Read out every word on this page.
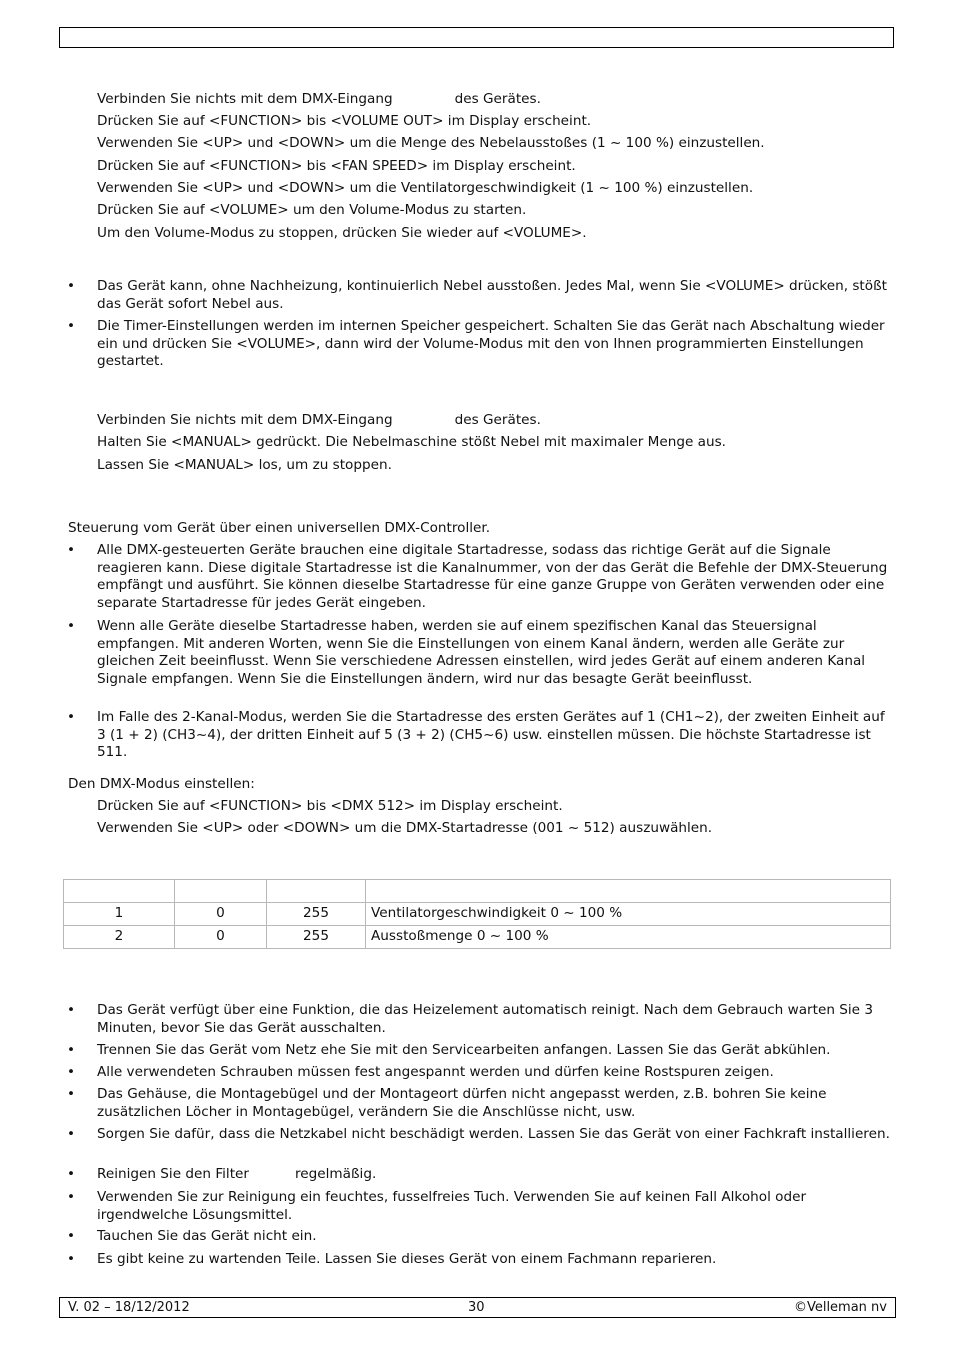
Verbinden Sie nichts mit dem DMX-Eingang	des Gerätes.
Drücken Sie auf <FUNCTION> bis <VOLUME OUT> im Display erscheint.
Verwenden Sie <UP> und <DOWN> um die Menge des Nebelausstoßes (1 ~ 100 %) einzustellen.
Drücken Sie auf <FUNCTION> bis <FAN SPEED> im Display erscheint.
Verwenden Sie <UP> und <DOWN> um die Ventilatorgeschwindigkeit (1 ~ 100 %) einzustellen.
Drücken Sie auf <VOLUME> um den Volume-Modus zu starten.
Um den Volume-Modus zu stoppen, drücken Sie wieder auf <VOLUME>.
• Das Gerät kann, ohne Nachheizung, kontinuierlich Nebel ausstoßen. Jedes Mal, wenn Sie <VOLUME> drücken, stößt das Gerät sofort Nebel aus.
• Die Timer-Einstellungen werden im internen Speicher gespeichert. Schalten Sie das Gerät nach Abschaltung wieder ein und drücken Sie <VOLUME>, dann wird der Volume-Modus mit den von Ihnen programmierten Einstellungen gestartet.
Verbinden Sie nichts mit dem DMX-Eingang	des Gerätes.
Halten Sie <MANUAL> gedrückt. Die Nebelmaschine stößt Nebel mit maximaler Menge aus.
Lassen Sie <MANUAL> los, um zu stoppen.
Steuerung vom Gerät über einen universellen DMX-Controller.
• Alle DMX-gesteuerten Geräte brauchen eine digitale Startadresse, sodass das richtige Gerät auf die Signale reagieren kann. Diese digitale Startadresse ist die Kanalnummer, von der das Gerät die Befehle der DMX-Steuerung empfängt und ausführt. Sie können dieselbe Startadresse für eine ganze Gruppe von Geräten verwenden oder eine separate Startadresse für jedes Gerät eingeben.
• Wenn alle Geräte dieselbe Startadresse haben, werden sie auf einem spezifischen Kanal das Steuersignal empfangen. Mit anderen Worten, wenn Sie die Einstellungen von einem Kanal ändern, werden alle Geräte zur gleichen Zeit beeinflusst. Wenn Sie verschiedene Adressen einstellen, wird jedes Gerät auf einem anderen Kanal Signale empfangen. Wenn Sie die Einstellungen ändern, wird nur das besagte Gerät beeinflusst.
• Im Falle des 2-Kanal-Modus, werden Sie die Startadresse des ersten Gerätes auf 1 (CH1~2), der zweiten Einheit auf 3 (1 + 2) (CH3~4), der dritten Einheit auf 5 (3 + 2) (CH5~6) usw. einstellen müssen. Die höchste Startadresse ist 511.
Den DMX-Modus einstellen:
Drücken Sie auf <FUNCTION> bis <DMX 512> im Display erscheint.
Verwenden Sie <UP> oder <DOWN> um die DMX-Startadresse (001 ~ 512) auszuwählen.

1	0	255	Ventilatorgeschwindigkeit 0 ~ 100 %
2	0	255	Ausstoßmenge 0 ~ 100 %
• Das Gerät verfügt über eine Funktion, die das Heizelement automatisch reinigt. Nach dem Gebrauch warten Sie 3 Minuten, bevor Sie das Gerät ausschalten.
• Trennen Sie das Gerät vom Netz ehe Sie mit den Servicearbeiten anfangen. Lassen Sie das Gerät abkühlen.
• Alle verwendeten Schrauben müssen fest angespannt werden und dürfen keine Rostspuren zeigen.
• Das Gehäuse, die Montagebügel und der Montageort dürfen nicht angepasst werden, z.B. bohren Sie keine zusätzlichen Löcher in Montagebügel, verändern Sie die Anschlüsse nicht, usw.
• Sorgen Sie dafür, dass die Netzkabel nicht beschädigt werden. Lassen Sie das Gerät von einer Fachkraft installieren.
• Reinigen Sie den Filter	regelmäßig.
• Verwenden Sie zur Reinigung ein feuchtes, fusselfreies Tuch. Verwenden Sie auf keinen Fall Alkohol oder irgendwelche Lösungsmittel.
• Tauchen Sie das Gerät nicht ein.
• Es gibt keine zu wartenden Teile. Lassen Sie dieses Gerät von einem Fachmann reparieren.
V. 02 – 18/12/2012	30	©Velleman nv
